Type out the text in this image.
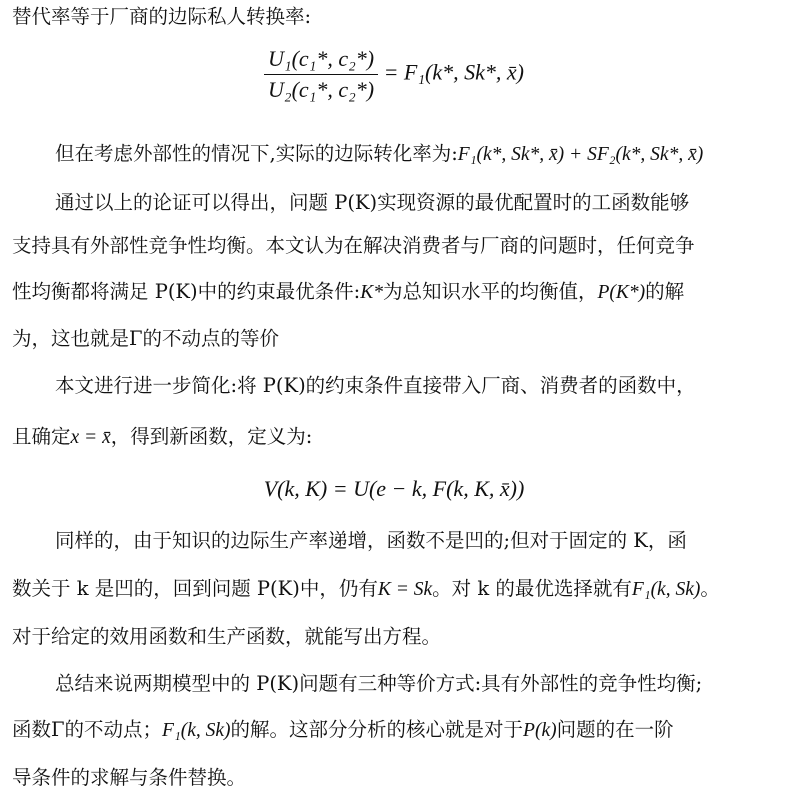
替代率等于厂商的边际私人转换率:
$\frac{\text{U₁(c₁*, c₂*)}}{\text{U₂(c₁*, c₂*)}} = F_1(k*$, Sk*, x̄)
但在考虑外部性的情况下,实际的边际转化率为:F₁(k*, Sk*, x̄) + SF₂(k*, Sk*, x̄)
通过以上的论证可以得出，问题 P(K)实现资源的最优配置时的工函数能够
支持具有外部性竞争性均衡。本文认为在解决消费者与厂商的问题时，任何竞争
性均衡都将满足 P(K)中的约束最优条件:K*为总知识水平的均衡值，P(K*)的解
为，这也就是Γ的不动点的等价
本文进行进一步简化:将 P(K)的约束条件直接带入厂商、消费者的函数中，
且确定x = x̄，得到新函数，定义为:
V(k, K) = U(e − k, F(k, K, x̄))
同样的，由于知识的边际生产率递增，函数不是凹的;但对于固定的 K，函
数关于 k 是凹的，回到问题 P(K)中，仍有K = Sk。对 k 的最优选择就有F₁(k, Sk)。
对于给定的效用函数和生产函数，就能写出方程。
总结来说两期模型中的 P(K)问题有三种等价方式:具有外部性的竞争性均衡;
函数Γ的不动点；F₁(k, Sk)的解。这部分分析的核心就是对于P(k)问题的在一阶
导条件的求解与条件替换。
